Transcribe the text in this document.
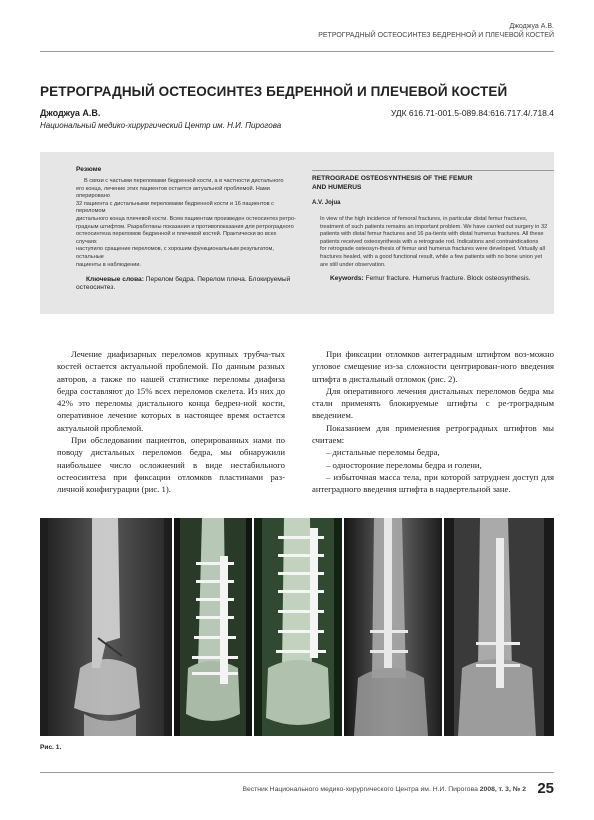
Джоджуа А.В.
РЕТРОГРАДНЫЙ ОСТЕОСИНТЕЗ БЕДРЕННОЙ И ПЛЕЧЕВОЙ КОСТЕЙ
РЕТРОГРАДНЫЙ ОСТЕОСИНТЕЗ БЕДРЕННОЙ И ПЛЕЧЕВОЙ КОСТЕЙ
Джоджуа А.В.	УДК 616.71-001.5-089.84:616.717.4/.718.4
Национальный медико-хирургический Центр им. Н.И. Пирогова
Резюме
В связи с частыми переломами бедренной кости, а в частности дистального
его конца, лечение этих пациентов остается актуальной проблемой. Нами оперировано
32 пациента с дистальными переломами бедренной кости и 16 пациентов с переломом
дистального конца плечевой кости. Всем пациентам произведен остеосинтез ретро-
градным штифтом. Разработаны показания и противопоказания для ретроградного
остеосинтеза переломов бедренной и плечевой костей. Практически во всех случаях
наступило сращение переломов, с хорошим функциональным результатом, остальные
пациенты в наблюдении.
Ключевые слова: Перелом бедра. Перелом плеча. Блокируемый
остеосинтез.
RETROGRADE OSTEOSYNTHESIS OF THE FEMUR
AND HUMERUS
A.V. Jojua
In view of the high incidence of femoral fractures, in particular distal femur fractures,
treatment of such patients remains an important problem. We have carried out surgery in 32
patients with distal femur fractures and 16 pa-tients with distal humerus fractures. All these
patients received osteosynthesis with a retrograde rod. Indications and contraindications
for retrograde osteosyn-thesis of femur and humerus fractures were developed. Virtually all
fractures healed, with a good functional result, while a few patients with no bone union yet
are still under observation.
Keywords: Femur fracture. Humerus fracture. Block osteosynthesis.

Лечение диафизарных переломов крупных трубча-тых костей остается актуальной проблемой. По данным разных авторов, а также по нашей статистике переломы диафиза бедра составляют до 15% всех переломов скелета. Из них до 42% это переломы дистального конца бедрен-ной кости, оперативное лечение которых в настоящее время остается актуальной проблемой.

При обследовании пациентов, оперированных нами по поводу дистальных переломов бедра, мы обнаружили наибольшее число осложнений в виде нестабильного остеосинтеза при фиксации отломков пластинами раз-личной конфигурации (рис. 1).

При фиксации отломков антеградным штифтом воз-можно угловое смещение из-за сложности центрирован-ного введения штифта в дистальный отломок (рис. 2).

Для оперативного лечения дистальных переломов бедра мы стали применять блокируемые штифты с ре-троградным введением.

Показанием для применения ретроградных штифтов мы считаем:

– дистальные переломы бедра,

– одностороние переломы бедра и голени,

– избыточная масса тела, при которой затруднен доступ для антеградного введения штифта в надвертельной зане.

Рис. 1.
Вестник Национального медико-хирургического Центра им. Н.И. Пирогова 2008, т. 3, № 2 25
